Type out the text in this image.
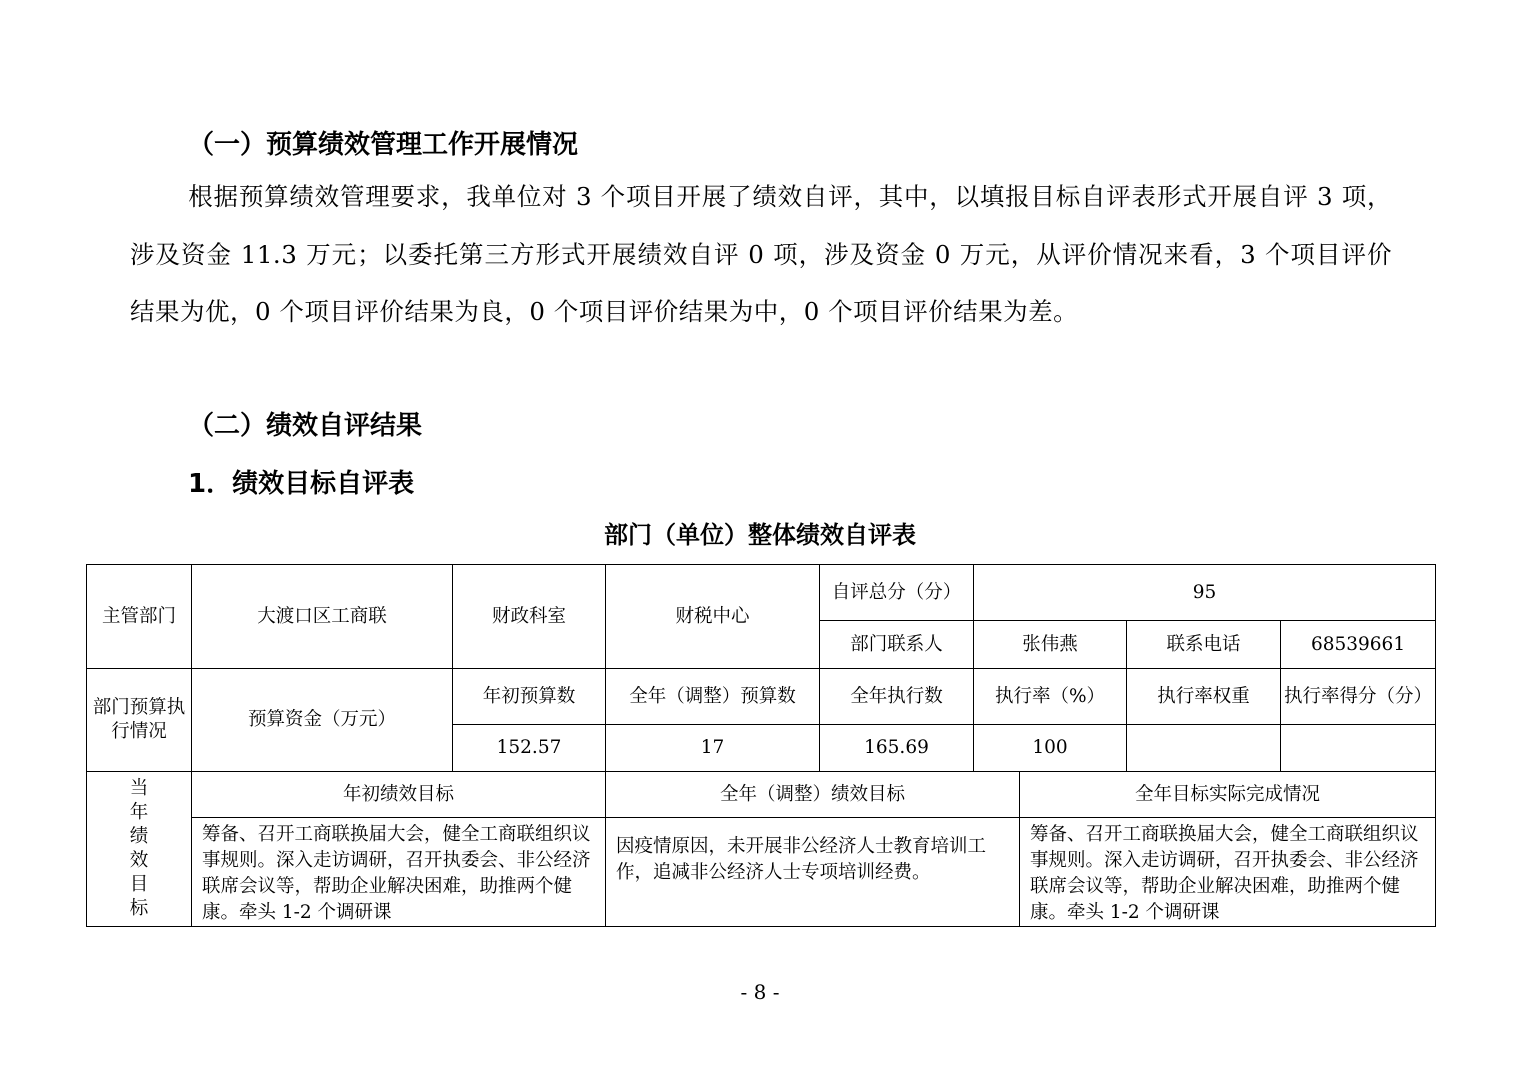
（一）预算绩效管理工作开展情况
根据预算绩效管理要求，我单位对 3 个项目开展了绩效自评，其中，以填报目标自评表形式开展自评 3 项，涉及资金 11.3 万元；以委托第三方形式开展绩效自评 0 项，涉及资金 0 万元，从评价情况来看，3 个项目评价结果为优，0 个项目评价结果为良，0 个项目评价结果为中，0 个项目评价结果为差。
（二）绩效自评结果
1．绩效目标自评表
部门（单位）整体绩效自评表
主管部门	大渡口区工商联	财政科室	财税中心	自评总分（分）	95			
				部门联系人	张伟燕		联系电话	68539661
部门预算执行情况	预算资金（万元）	年初预算数	全年（调整）预算数	全年执行数	执行率（%）		执行率权重	执行率得分（分）
		152.57	17	165.69	100			
当年绩效目标	年初绩效目标		全年（调整）绩效目标			全年目标实际完成情况		
	筹备、召开工商联换届大会，健全工商联组织议事规则。深入走访调研，召开执委会、非公经济联席会议等，帮助企业解决困难，助推两个健康。牵头 1-2 个调研课		因疫情原因，未开展非公经济人士教育培训工作，追减非公经济人士专项培训经费。			筹备、召开工商联换届大会，健全工商联组织议事规则。深入走访调研，召开执委会、非公经济联席会议等，帮助企业解决困难，助推两个健康。牵头 1-2 个调研课		
- 8 -
